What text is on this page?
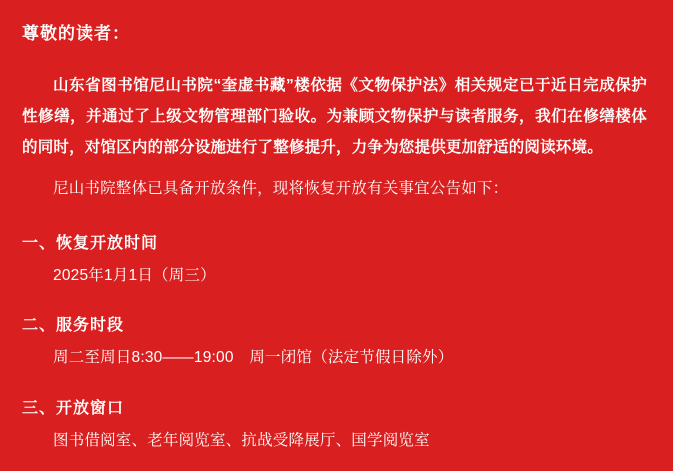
尊敬的读者：

山东省图书馆尼山书院“奎虚书藏”楼依据《文物保护法》相关规定已于近日完成保护性修缮，并通过了上级文物管理部门验收。为兼顾文物保护与读者服务，我们在修缮楼体的同时，对馆区内的部分设施进行了整修提升，力争为您提供更加舒适的阅读环境。

尼山书院整体已具备开放条件，现将恢复开放有关事宜公告如下：

一、恢复开放时间

2025年1月1日（周三）

二、服务时段

周二至周日8:30——19:00　周一闭馆（法定节假日除外）

三、开放窗口

图书借阅室、老年阅览室、抗战受降展厅、国学阅览室
